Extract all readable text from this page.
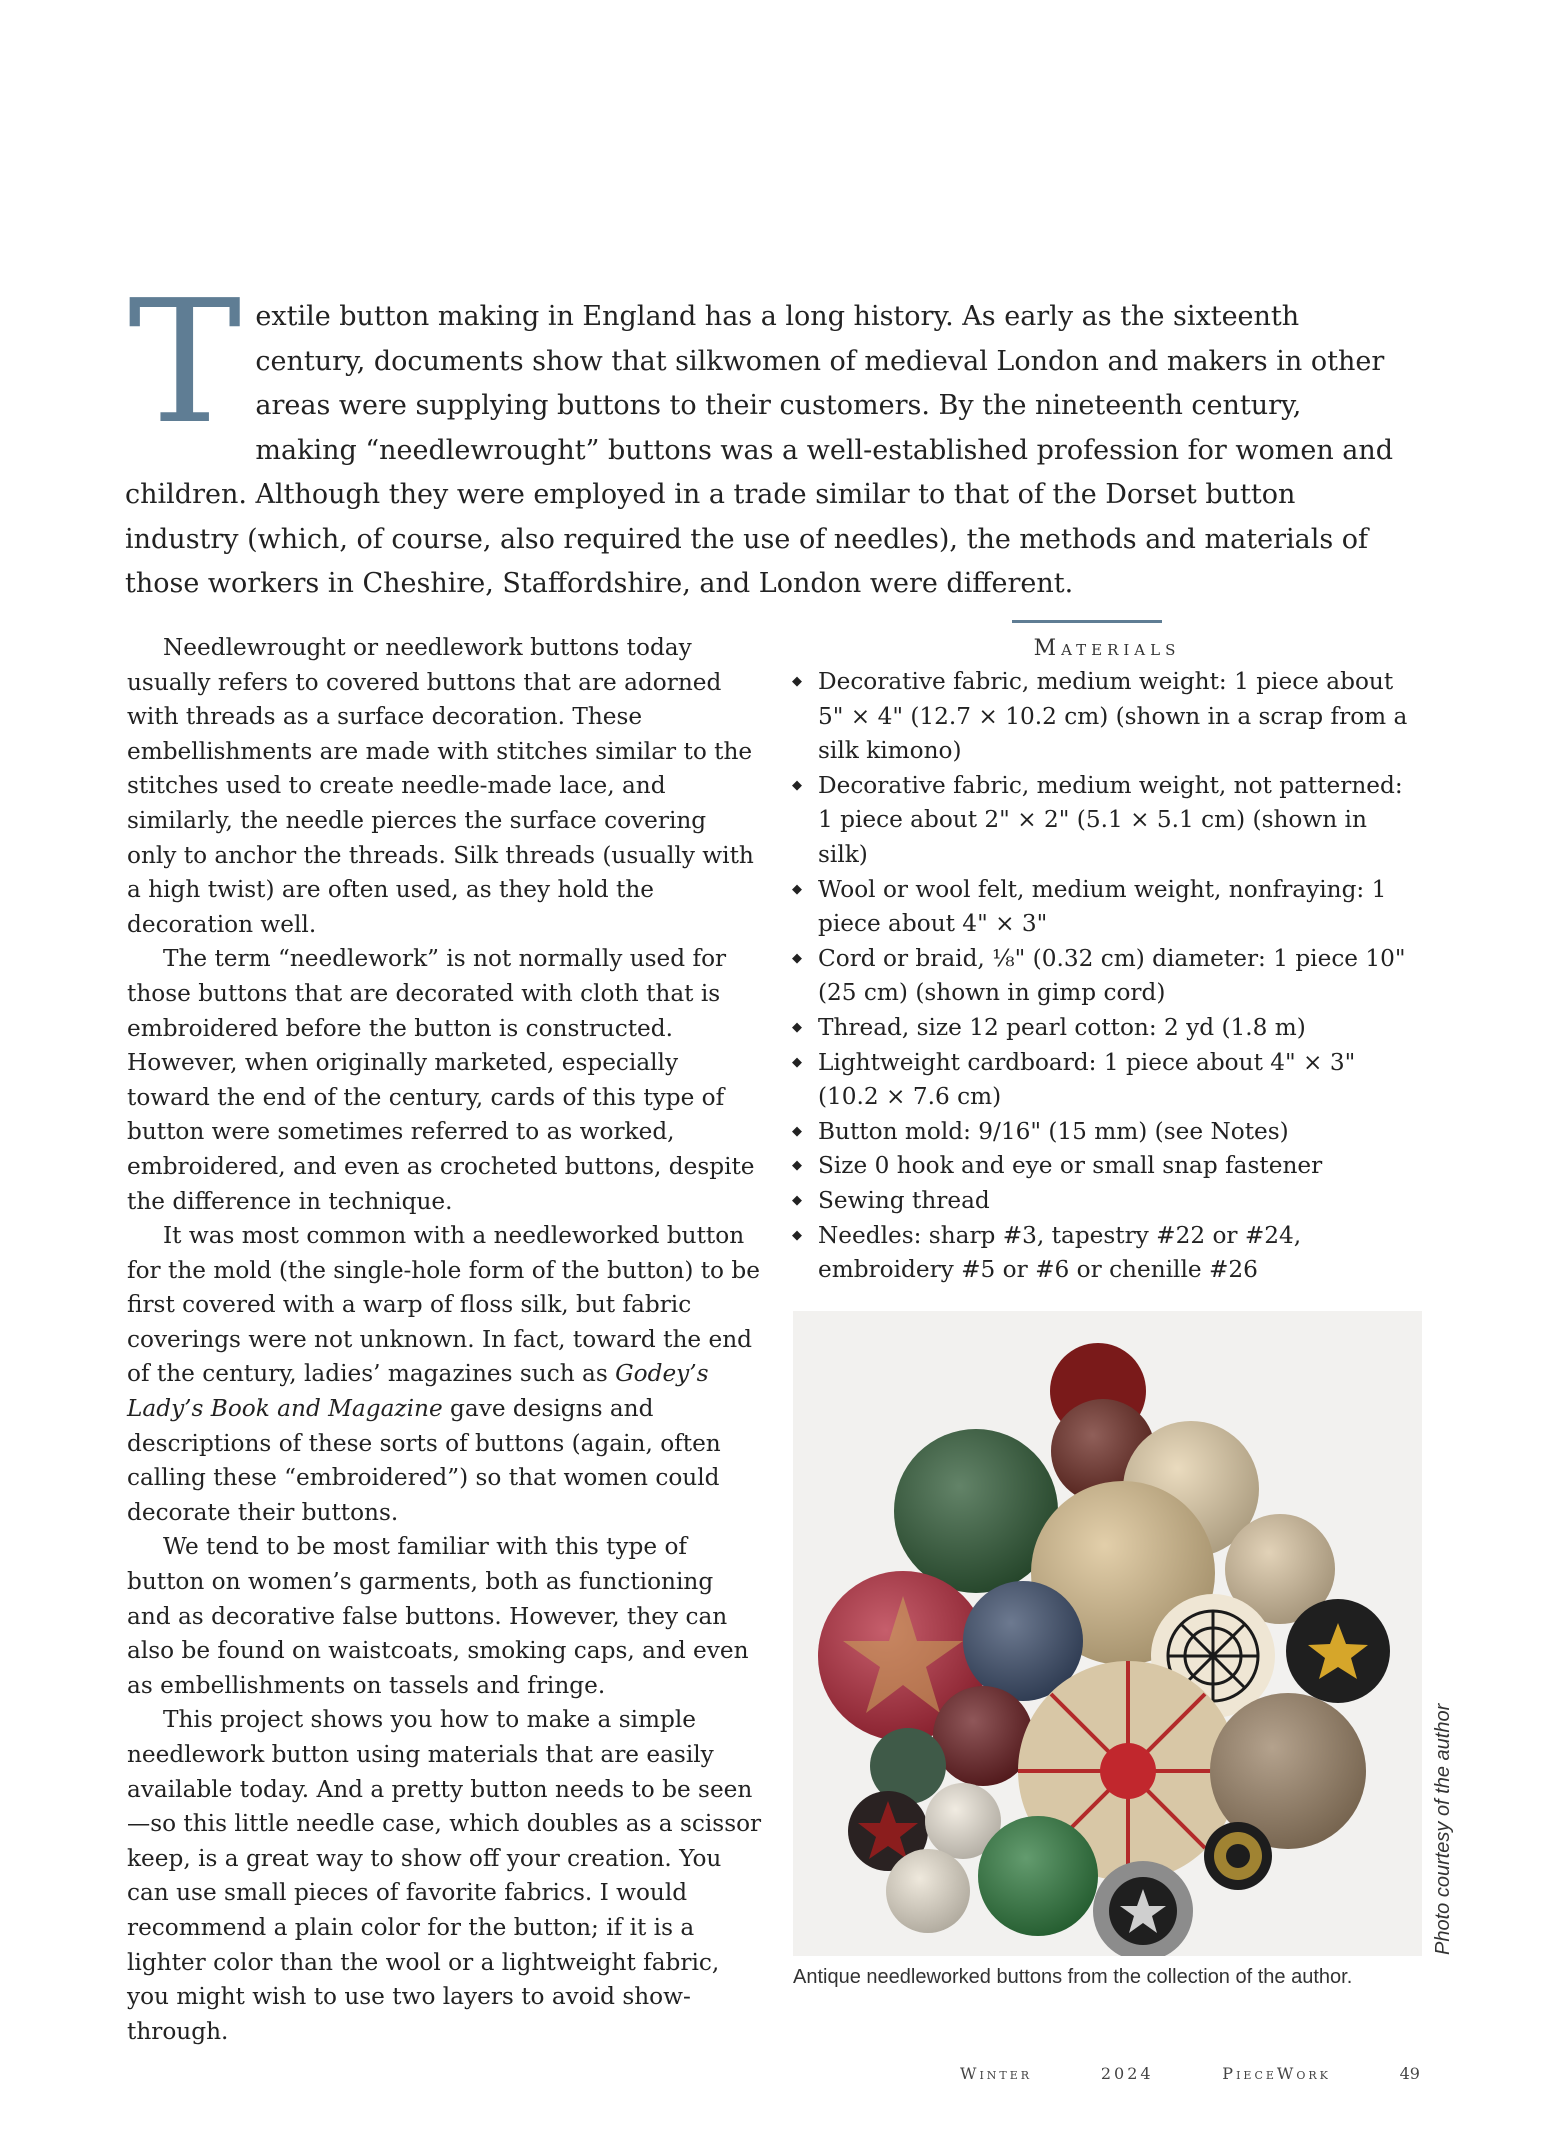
Textile button making in England has a long history. As early as the sixteenth century, documents show that silkwomen of medieval London and makers in other areas were supplying buttons to their customers. By the nineteenth century, making “needlewrought” buttons was a well-established profession for women and children. Although they were employed in a trade similar to that of the Dorset button industry (which, of course, also required the use of needles), the methods and materials of those workers in Cheshire, Staffordshire, and London were different.

Needlewrought or needlework buttons today usually refers to covered buttons that are adorned with threads as a surface decoration. These embellishments are made with stitches similar to the stitches used to create needle-made lace, and similarly, the needle pierces the surface covering only to anchor the threads. Silk threads (usually with a high twist) are often used, as they hold the decoration well.

The term “needlework” is not normally used for those buttons that are decorated with cloth that is embroidered before the button is constructed. However, when originally marketed, especially toward the end of the century, cards of this type of button were sometimes referred to as worked, embroidered, and even as crocheted buttons, despite the difference in technique.

It was most common with a needleworked button for the mold (the single-hole form of the button) to be first covered with a warp of floss silk, but fabric coverings were not unknown. In fact, toward the end of the century, ladies’ magazines such as Godey’s Lady’s Book and Magazine gave designs and descriptions of these sorts of buttons (again, often calling these “embroidered”) so that women could decorate their buttons.

We tend to be most familiar with this type of button on women’s garments, both as functioning and as decorative false buttons. However, they can also be found on waistcoats, smoking caps, and even as embellishments on tassels and fringe.

This project shows you how to make a simple needlework button using materials that are easily available today. And a pretty button needs to be seen—so this little needle case, which doubles as a scissor keep, is a great way to show off your creation. You can use small pieces of favorite fabrics. I would recommend a plain color for the button; if it is a lighter color than the wool or a lightweight fabric, you might wish to use two layers to avoid show-through.

Materials
◆ Decorative fabric, medium weight: 1 piece about 5" × 4" (12.7 × 10.2 cm) (shown in a scrap from a silk kimono)
◆ Decorative fabric, medium weight, not patterned: 1 piece about 2" × 2" (5.1 × 5.1 cm) (shown in silk)
◆ Wool or wool felt, medium weight, nonfraying: 1 piece about 4" × 3"
◆ Cord or braid, ⅛" (0.32 cm) diameter: 1 piece 10" (25 cm) (shown in gimp cord)
◆ Thread, size 12 pearl cotton: 2 yd (1.8 m)
◆ Lightweight cardboard: 1 piece about 4" × 3" (10.2 × 7.6 cm)
◆ Button mold: 9/16" (15 mm) (see Notes)
◆ Size 0 hook and eye or small snap fastener
◆ Sewing thread
◆ Needles: sharp #3, tapestry #22 or #24, embroidery #5 or #6 or chenille #26
Photo courtesy of the author
Antique needleworked buttons from the collection of the author.
Winter	2024	PieceWork	49
